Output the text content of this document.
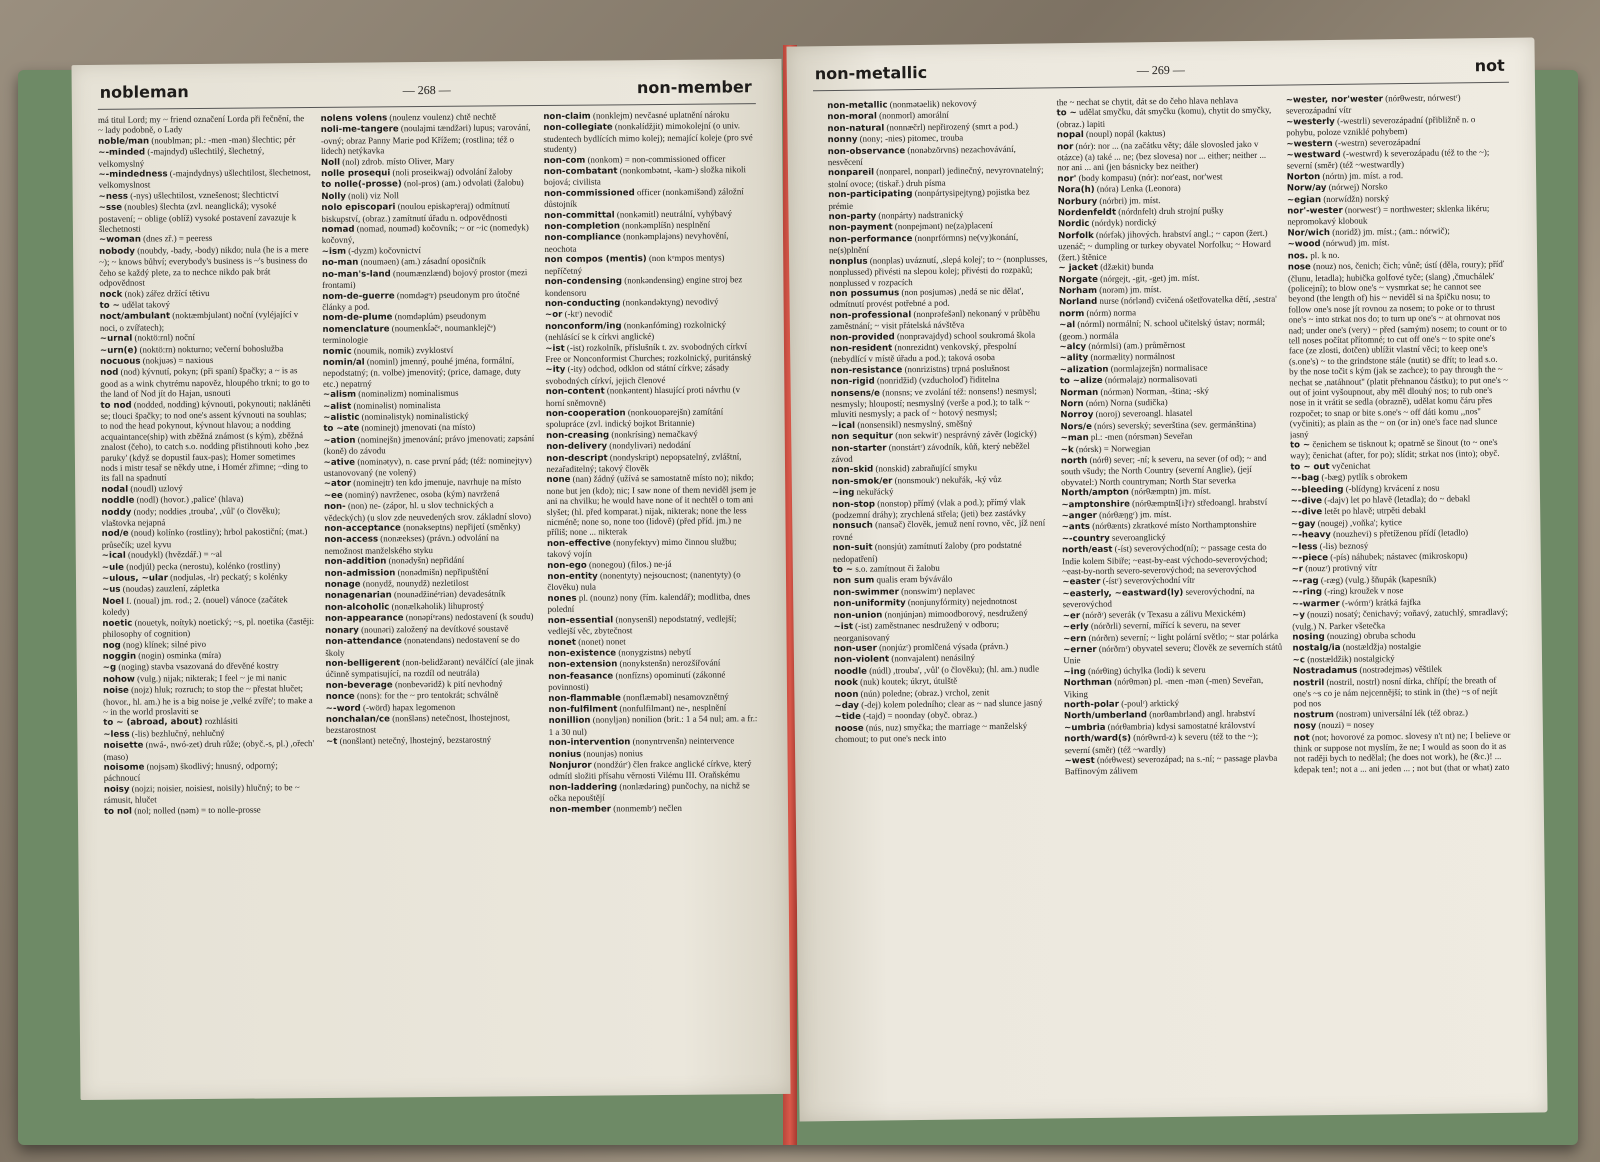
nobleman	— 268 —	non-member

má titul Lord; my ~ friend označení Lorda při řečnění, the ~ lady podobně, o Lady

noble/man (noublmən; pl.: -men -mən) šlechtic; pér

~-minded (-majndyd) ušlechtilý, šlechetný, velkomyslný

~-mindedness (-majndydnys) ušlechtilost, šlechetnost, velkomyslnost

~ness (-nys) ušlechtilost, vznešenost; šlechtictví

~sse (noubles) šlechta (zvl. neanglická); vysoké postavení; ~ oblige (oblíž) vysoké postavení zavazuje k šlechetnosti

~woman (dnes zř.) = peeress

nobody (noubdy, -bady, -body) nikdo; nula (he is a mere ~); ~ knows bůhví; everybody's business is ~'s business do čeho se každý plete, za to nechce nikdo pak brát odpovědnost

nock (nok) zářez držící tětivu

to ~ udělat takový

noct/ambulant (noktæmbjulənt) noční (vyléjající v noci, o zvířatech);

~urnal (noktö:rnl) noční

~urn(e) (noktö:rn) nokturno; večerní bohoslužba

nocuous (nokjuəs) = naxious

nod (nod) kývnutí, pokyn; (při spaní) špačky; a ~ is as good as a wink chytrému napověz, hloupého trkni; to go to the land of Nod jít do Hajan, usnouti

to nod (nodded, nodding) kývnouti, pokynouti; nakláněti se; tlouci špačky; to nod one's assent kývnouti na souhlas; to nod the head pokynout, kývnout hlavou; a nodding acquaintance(ship) with zběžná známost (s kým), zběžná znalost (čeho), to catch s.o. nodding přistihnouti koho ,bez paruky' (když se dopustil faux-pas); Homer sometimes nods i mistr tesař se někdy utne, i Homér zřimne; ~ding to its fall na spadnutí

nodal (noudl) uzlový

noddle (nodl) (hovor.) ,palice' (hlava)

noddy (nody; noddies ,trouba', ,vůl' (o člověku); vlaštovka nejapná

nod/e (noud) kolínko (rostliny); hrbol pakostiční; (mat.) průsečík; uzel kyvu

~ical (noudykl) (hvězdář.) = ~al

~ule (nodjúl) pecka (nerostu), kolénko (rostliny)

~ulous, ~ular (nodjuləs, -lr) peckatý; s kolénky

~us (noudəs) zauzlení, zápletka

Noel I. (noual) jm. rod.; 2. (nouel) vánoce (začátek koledy)

noetic (nouetyk, noítyk) noetický; ~s, pl. noetika (častěji: philosophy of cognition)

nog (nog) klínek; silné pivo

noggin (nogin) osminka (míra)

~g (noging) stavba vsazovaná do dřevěné kostry

nohow (vulg.) nijak; nikterak; I feel ~ je mi nanic

noise (nojz) hluk; rozruch; to stop the ~ přestat hlučet; (hovor., hl. am.) he is a big noise je ,velké zvíře'; to make a ~ in the world proslaviti se

to ~ (abroad, about) rozhlásiti

~less (-lis) bezhlučný, nehlučný

noisette (nwá-, nwó-zet) druh růže; (obyč.-s, pl.) ,ořech' (maso)

noisome (nojsəm) škodlivý; hnusný, odporný; páchnoucí

noisy (nojzi; noisier, noisiest, noisily) hlučný; to be ~ rámusit, hlučet

to nol (nol; nolled (nəm) = to nolle-prosse

nolens volens (noulenz voulenz) chtě nechtě

noli-me-tangere (noulajmi tændžəri) lupus; varování, -ovný; obraz Panny Marie pod Křížem; (rostlina; též o lidech) netýkavka

Noll (nol) zdrob. místo Oliver, Mary

nolle prosequi (noli proseikwaj) odvolání žaloby

to nolle(-prosse) (nol-pros) (am.) odvolati (žalobu)

Nolly (noli) viz Noll

nolo episcopari (noulou episkəpᵉeraj) odmítnutí biskupství, (obraz.) zamítnutí úřadu n. odpovědnosti

nomad (nomad, nouməd) kočovník; ~ or ~ic (nomedyk) kočovný,

~ism (-dyzm) kočovnictví

no-man (nouməen) (am.) zásadní oposičník

no-man's-land (noumænzlænd) bojový prostor (mezi frontami)

nom-de-guerre (nomdəgᵉr) pseudonym pro útočné články a pod.

nom-de-plume (nomdəplúm) pseudonym

nomenclature (noumenkĺəčᵉ, noumanklejčᵉ) terminologie

nomic (noumik, nomik) zvykloství

nomin/al (nominl) jmenný, pouhé jména, formální, nepodstatný; (n. volbe) jmenovitý; (price, damage, duty etc.) nepatrný

~alism (nominəlizm) nominalismus

~alist (nominəlist) nominalista

~alistic (nominəlistyk) nominalistický

to ~ate (nominejt) jmenovati (na místo)

~ation (nominejšn) jmenování; právo jmenovati; zapsání (koně) do závodu

~ative (nominətyv), n. case první pád; (též: nominejtyv) ustanovovaný (ne volený)

~ator (nominejtr) ten kdo jmenuje, navrhuje na místo

~ee (nominý) navrženec, osoba (kým) navržená

non- (non) ne- (zápor, hl. u slov technických a vědeckých) (u slov zde neuvedených srov. základní slovo)

non-acceptance (nonəkseptns) nepřijetí (směnky)

non-access (nonæekses) (právn.) odvolání na nemožnost manželského styku

non-addition (nonədyšn) nepřidání

non-admission (nonədmišn) nepřipuštění

nonage (nonydž, nounydž) nezletilost

nonagenarian (nounədžinéᵉriən) devadesátník

non-alcoholic (nonælkəholik) lihuprostý

non-appearance (nonəpíᵉrəns) nedostavení (k soudu)

nonary (nounəri) založený na devítkové soustavě

non-attendance (nonətendəns) nedostavení se do školy

non-belligerent (non-belidžərənt) neválčící (ale jinak účinně sympatisující, na rozdíl od neutrála)

non-beverage (nonbevəridž) k pití nevhodný

nonce (nons): for the ~ pro tentokrát; schválně

~-word (-wörd) hapax legomenon

nonchalan/ce (nonšləns) netečnost, lhostejnost, bezstarostnost

~t (nonšlənt) netečný, lhostejný, bezstarostný

non-claim (nonklejm) nevčasné uplatnění nároku

non-collegiate (nonkəlídžjit) mimokolejní (o univ. studentech bydlících mimo kolej); nemající koleje (pro své studenty)

non-com (nonkom) = non-commissioned officer

non-combatant (nonkombətnt, -kam-) složka nikoli bojová; civilista

non-commissioned officer (nonkəmišənd) záložní důstojník

non-committal (nonkəmitl) neutrální, vyhýbavý

non-completion (nonkəmplíšn) nesplnění

non-compliance (nonkəmplajəns) nevyhovění, neochota

non compos (mentis) (non kᵒmpos mentys) nepříčetný

non-condensing (nonkəndensing) engine stroj bez kondensoru

non-conducting (nonkəndəktyng) nevodivý

~or (-ktʳ) nevodič

nonconform/ing (nonkənfóming) rozkolnický (nehlásící se k církvi anglické)

~ist (-ist) rozkolník, příslušník t. zv. svobodných církví Free or Nonconformist Churches; rozkolnický, puritánský

~ity (-ity) odchod, odklon od státní církve; zásady svobodných církví, jejich členové

non-content (nonkəntent) hlasující proti návrhu (v horní sněmovně)

non-cooperation (nonkouopərejšn) zamítání spolupráce (zvl. indický bojkot Britannie)

non-creasing (nonkrísing) nemačkavý

non-delivery (nondylivəri) nedodání

non-descript (nondyskript) nepopsatelný, zvláštní, nezařaditelný; takový člověk

none (nan) žádný (užívá se samostatně místo no); nikdo; none but jen (kdo); nic; I saw none of them neviděl jsem je ani na chvilku; he would have none of it nechtěl o tom ani slyšet; (hl. před komparat.) nijak, nikterak; none the less nicméně; none so, none too (lidově) (před příd. jm.) ne příliš; none ... nikterak

non-effective (nonyfektyv) mimo činnou službu; takový vojín

non-ego (nonegou) (filos.) ne-já

non-entity (nonentyty) nejsoucnost; (nanentyty) (o člověku) nula

nones pl. (nounz) nony (řím. kalendář); modlitba, dnes polední

non-essential (nonysenšl) nepodstatný, vedlejší; vedlejší věc, zbytečnost

nonet (nonet) nonet

non-existence (nonygzistns) nebytí

non-extension (nonykstenšn) nerozšiřování

non-feasance (nonfízns) opominutí (zákonné povinnosti)

non-flammable (nonflæməbl) nesamovznětný

non-fulfilment (nonfulfilmənt) ne-, nesplnění

nonillion (nonyljən) nonilion (brit.: 1 a 54 nul; am. a fr.: 1 a 30 nul)

non-intervention (nonyntrvenšn) neintervence

nonius (nounjəs) nonius

Nonjuror (nondžúrʳ) člen frakce anglické církve, který odmítl složiti přísahu věrnosti Vilému III. Oraňskému

non-laddering (nonlædəring) punčochy, na nichž se očka nepouštějí

non-member (nonmembʳ) nečlen

non-metallic	— 269 —	not

non-metallic (nonmətəelik) nekovový

non-moral (nonmorl) amorální

non-natural (nonnæčrl) nepřirozený (smrt a pod.)

nonny (nony; -nies) pitomec, trouba

non-observance (nonəbzörvns) nezachovávání, nesvěcení

nonpareil (nonparel, nonparl) jedinečný, nevyrovnatelný; stolní ovoce; (tiskař.) druh písma

non-participating (nonpártysipejtyng) pojistka bez prémie

non-party (nonpárty) nadstranický

non-payment (nonpejmənt) ne(za)placení

non-performance (nonprfórmns) ne(vy)konání, ne(s)plnění

nonplus (nonplas) uváznutí, ,slepá kolej'; to ~ (nonplusses, nonplussed) přivésti na slepou kolej; přivésti do rozpaků; nonplussed v rozpacích

non possumus (non posjuməs) ,nedá se nic dělat', odmítnutí provést potřebné a pod.

non-professional (nonprəfešənl) nekonaný v průběhu zaměstnání; ~ visit přátelská návštěva

non-provided (nonprəvajdyd) school soukromá škola

non-resident (nonrezidnt) venkovský, přespolní (nebydlící v místě úřadu a pod.); taková osoba

non-resistance (nonrizistns) trpná poslušnost

non-rigid (nonridžid) (vzducholoď) řiditelna

nonsens/e (nonsns; ve zvolání též: nonsens!) nesmysl; nesmysly; hloupostí; nesmyslný (verše a pod.); to talk ~ mluviti nesmysly; a pack of ~ hotový nesmysl;

~ical (nonsensikl) nesmyslný, směšný

non sequitur (non sekwitʳ) nesprávný závěr (logický)

non-starter (nonstártʳ) závodník, kůň, který neběžel závod

non-skid (nonskid) zabraňující smyku

non-smok/er (nonsmoukʳ) nekuřák, -ký vůz

~ing nekuřácký

non-stop (nonstop) přímý (vlak a pod.); přímý vlak (podzemní dráhy); zrychlená střela; (jeti) bez zastávky

nonsuch (nansač) člověk, jemuž není rovno, věc, jíž není rovné

non-suit (nonsjút) zamítnutí žaloby (pro podstatné nedopatření)

to ~ s.o. zamítnout či žalobu

non sum qualis eram býváválo

non-swimmer (nonswimʳ) neplavec

non-uniformity (nonjunyfórmity) nejednotnost

non-union (nonjúnjən) mimoodborový, nesdružený

~ist (-ist) zaměstnanec nesdružený v odboru; neorganisovaný

non-user (nonjúzʳ) promlčená výsada (právn.)

non-violent (nonvajəlent) nenásilný

noodle (núdl) ,trouba', ,vůl' (o člověku); (hl. am.) nudle

nook (nuk) koutek; úkryt, útulště

noon (nún) poledne; (obraz.) vrchol, zenit

~day (-dej) kolem poledního; clear as ~ nad slunce jasný

~tide (-tajd) = noonday (obyč. obraz.)

noose (nús, nuz) smyčka; the marriage ~ manželský chomout; to put one's neck into

the ~ nechat se chytit, dát se do čeho hlava nehlava

to ~ udělat smyčku, dát smyčku (komu), chytit do smyčky, (obraz.) lapiti

nopal (noupl) nopál (kaktus)

nor (nór): nor ... (na začátku věty; dále slovosled jako v otázce) (a) také ... ne; (bez slovesa) nor ... either; neither ... nor ani ... ani (jen básnicky bez neither)

nor' (body kompasu) (nór): nor'east, nor'west

Nora(h) (nóra) Lenka (Leonora)

Norbury (nórbri) jm. míst.

Nordenfeldt (nórdnfelt) druh strojní pušky

Nordic (nórdyk) nordický

Norfolk (nórfək) jihových. hrabství angl.; ~ capon (žert.) uzenáč; ~ dumpling or turkey obyvatel Norfolku; ~ Howard (žert.) štěnice

~ jacket (džækit) bunda

Norgate (nórgejt, -git, -get) jm. míst.

Norham (norəm) jm. míst.

Norland nurse (nórlənd) cvičená ošetřovatelka dětí, ,sestra'

norm (nórm) norma

~al (nórml) normální; N. school učitelský ústav; normál; (geom.) normála

~alcy (nórmlsi) (am.) průměrnost

~ality (normælity) normálnost

~alization (normlajzejšn) normalisace

to ~alize (nórməlajz) normalisovati

Norman (nórmən) Norman, -ština; -ský

Norn (nórn) Norna (sudička)

Norroy (noroj) severoangl. hlasatel

Nors/e (nórs) severský; severština (sev. germánština)

~man pl.: -men (nórsmən) Seveřan

~k (nórsk) = Norwegian

north (nórθ) sever; -ní; k severu, na sever (of od); ~ and south všudy; the North Country (severní Anglie), (její obyvatel:) North countryman; North Star severka

North/ampton (nórθæmptn) jm. míst.

~amptonshire (nórθæmptnš[i]ʳr) středoangl. hrabství

~anger (nórθæŋgʳ) jm. míst.

~ants (nórθænts) zkratkové místo Northamptonshire

~-country severoanglický

north/east (-íst) severovýchod(ní); ~ passage cesta do Indie kolem Sibiře; ~east-by-east východo-severovýchod; ~east-by-north severo-severovýchod; na severovýchod

~easter (-ístʳ) severovýchodní vítr

~easterly, ~eastward(ly) severovýchodní, na severovýchod

~er (nórðʳ) severák (v Texasu a zálivu Mexickém)

~erly (nórðrli) severní, mířící k severu, na sever

~ern (nórðrn) severní; ~ light polární světlo; ~ star polárka

~erner (nórðrnʳ) obyvatel severu; člověk ze severních států Unie

~ing (nórθing) úchylka (lodi) k severu

Northman (nórθmən) pl. -men -mən (-men) Seveřan, Viking

north-polar (-poulʳ) arktický

North/umberland (norθambrlənd) angl. hrabství

~umbria (nórθambria) kdysi samostatné království

north/ward(s) (nórθwrd-z) k severu (též to the ~); severní (směr) (též ~wardly)

~west (nórθwest) severozápad; na s.-ní; ~ passage plavba Baffinovým zálivem

~wester, nor'wester (nórθwestr, nórwestʳ) severozápadní vítr

~westerly (-westrli) severozápadní (přibližně n. o pohybu, poloze vzniklé pohybem)

~western (-westrn) severozápadní

~westward (-westwrd) k severozápadu (též to the ~); severní (směr) (též ~westwardly)

Norton (nórtn) jm. míst. a rod.

Norw/ay (nórwej) Norsko

~egian (norwídžn) norský

nor'-wester (norwestʳ) = northwester; sklenka likéru; nepromokavý klobouk

Nor/wich (noridž) jm. míst.; (am.: nórwič);

~wood (nórwud) jm. míst.

nos. pl. k no.

nose (nouz) nos, čenich; čich; vůně; ústí (děla, roury); příď (člunu, letadla); hubička golfové tyče; (slang) ,čmuchálek' (policejní); to blow one's ~ vysmrkat se; he cannot see beyond (the length of) his ~ neviděl si na špičku nosu; to follow one's nose jít rovnou za nosem; to poke or to thrust one's ~ into strkat nos do; to turn up one's ~ at ohrnovat nos nad; under one's (very) ~ před (samým) nosem; to count or to tell noses počítat přítomné; to cut off one's ~ to spite one's face (ze zlosti, dotčen) ublížit vlastní věci; to keep one's (s.one's) ~ to the grindstone stále (nutit) se dřít; to lead s.o. by the nose točit s kým (jak se zachce); to pay through the ~ nechat se ,natáhnout'' (platit přehnanou částku); to put one's ~ out of joint vyšoupnout, aby měl dlouhý nos; to rub one's nose in it vrátit se sedla (obrazně), udělat komu čáru přes rozpočet; to snap or bite s.one's ~ off dáti komu ,,nos'' (vyčiniti); as plain as the ~ on (or in) one's face nad slunce jasný

to ~ čenichem se tisknout k; opatrně se šinout (to ~ one's way); čenichat (after, for po); slídit; strkat nos (into); obyč.

to ~ out vyčenichat

~-bag (-bæg) pytlík s obrokem

~-bleeding (-blídyng) krvácení z nosu

~-dive (-dajv) let po hlavě (letadla); do ~ debakl

~-dive letět po hlavě; utrpěti debakl

~gay (nougej) ,voňka'; kytice

~-heavy (nouzhevi) s přetíženou přídí (letadlo)

~less (-lis) beznosý

~-piece (-pís) náhubek; nástavec (mikroskopu)

~r (nouzʳ) protivný vítr

~-rag (-ræg) (vulg.) šňupák (kapesník)

~-ring (-ring) kroužek v nose

~-warmer (-wórmʳ) krátká fajfka

~y (nouzi) nosatý; čenichavý; voňavý, zatuchlý, smradlavý; (vulg.) N. Parker všetečka

nosing (nouzing) obruba schodu

nostalg/ia (nostældžja) nostalgie

~c (nostældžik) nostalgický

Nostradamus (nostrədejməs) věštilek

nostril (nostril, nostrl) nosní dírka, chřípí; the breath of one's ~s co je nám nejcennější; to stink in (the) ~s of nejít pod nos

nostrum (nostrəm) universální lék (též obraz.)

nosy (nouzi) = nosey

not (not; hovorové za pomoc. slovesy n't nt) ne; I believe or think or suppose not myslím, že ne; I would as soon do it as not raději bych to nedělal; (he does not work), he (&c.)! ... kdepak ten!; not a ... ani jeden ... ; not but (that or what) zato
